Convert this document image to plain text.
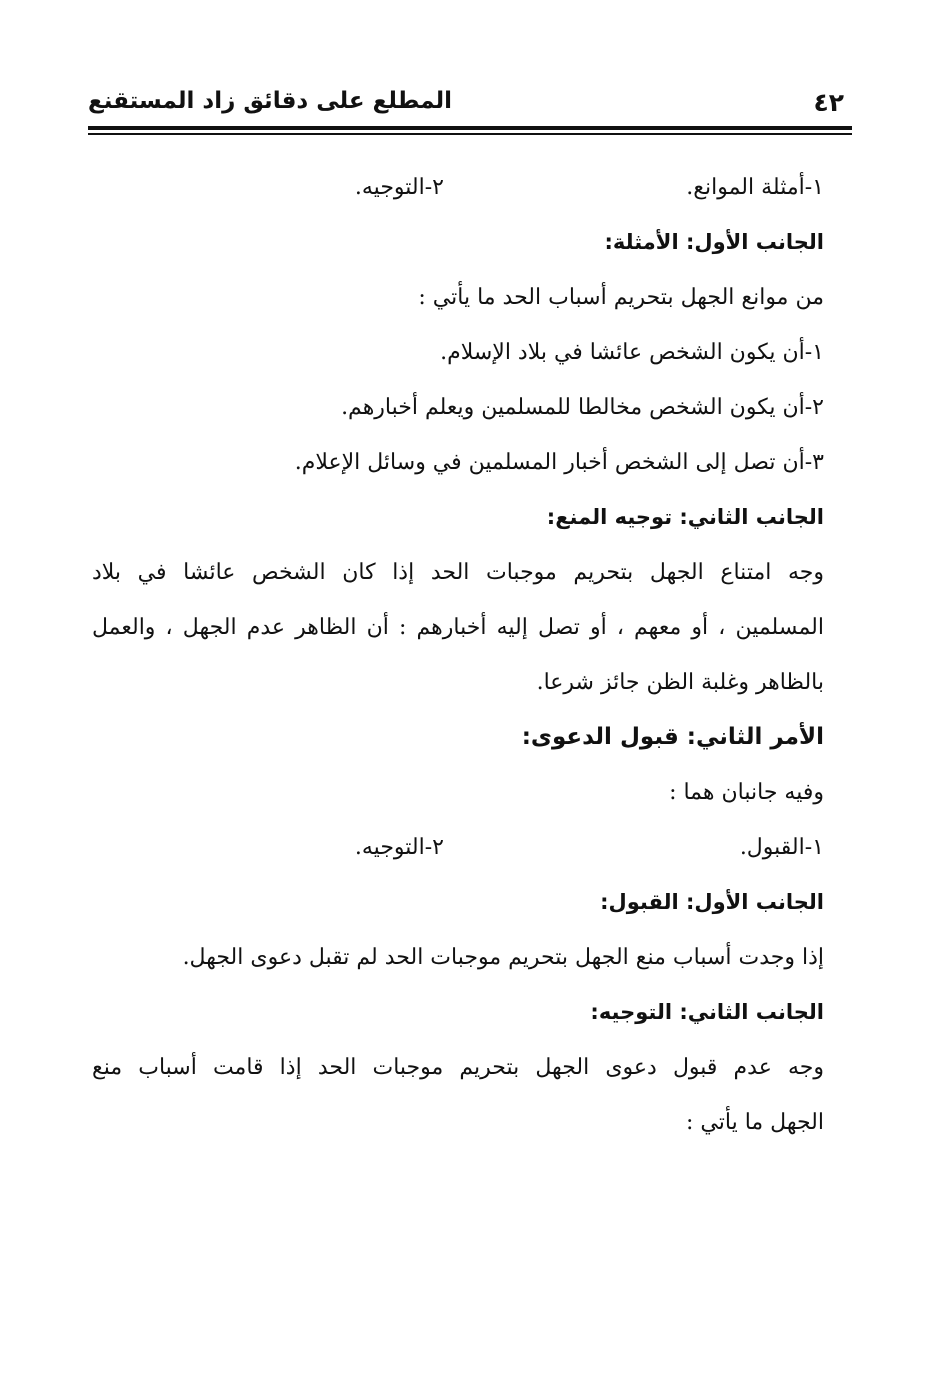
٤٢
المطلع على دقائق زاد المستقنع
١-أمثلة الموانع.
٢-التوجيه.
الجانب الأول: الأمثلة:
من موانع الجهل بتحريم أسباب الحد ما يأتي :
١-أن يكون الشخص عائشا في بلاد الإسلام.
٢-أن يكون الشخص مخالطا للمسلمين ويعلم أخبارهم.
٣-أن تصل إلى الشخص أخبار المسلمين في وسائل الإعلام.
الجانب الثاني: توجيه المنع:
وجه امتناع الجهل بتحريم موجبات الحد إذا كان الشخص عائشا في بلاد
المسلمين ، أو معهم ، أو تصل إليه أخبارهم : أن الظاهر عدم الجهل ، والعمل
بالظاهر وغلبة الظن جائز شرعا.
الأمر الثاني: قبول الدعوى:
وفيه جانبان هما :
١-القبول.
٢-التوجيه.
الجانب الأول: القبول:
إذا وجدت أسباب منع الجهل بتحريم موجبات الحد لم تقبل دعوى الجهل.
الجانب الثاني: التوجيه:
وجه عدم قبول دعوى الجهل بتحريم موجبات الحد إذا قامت أسباب منع
الجهل ما يأتي :
